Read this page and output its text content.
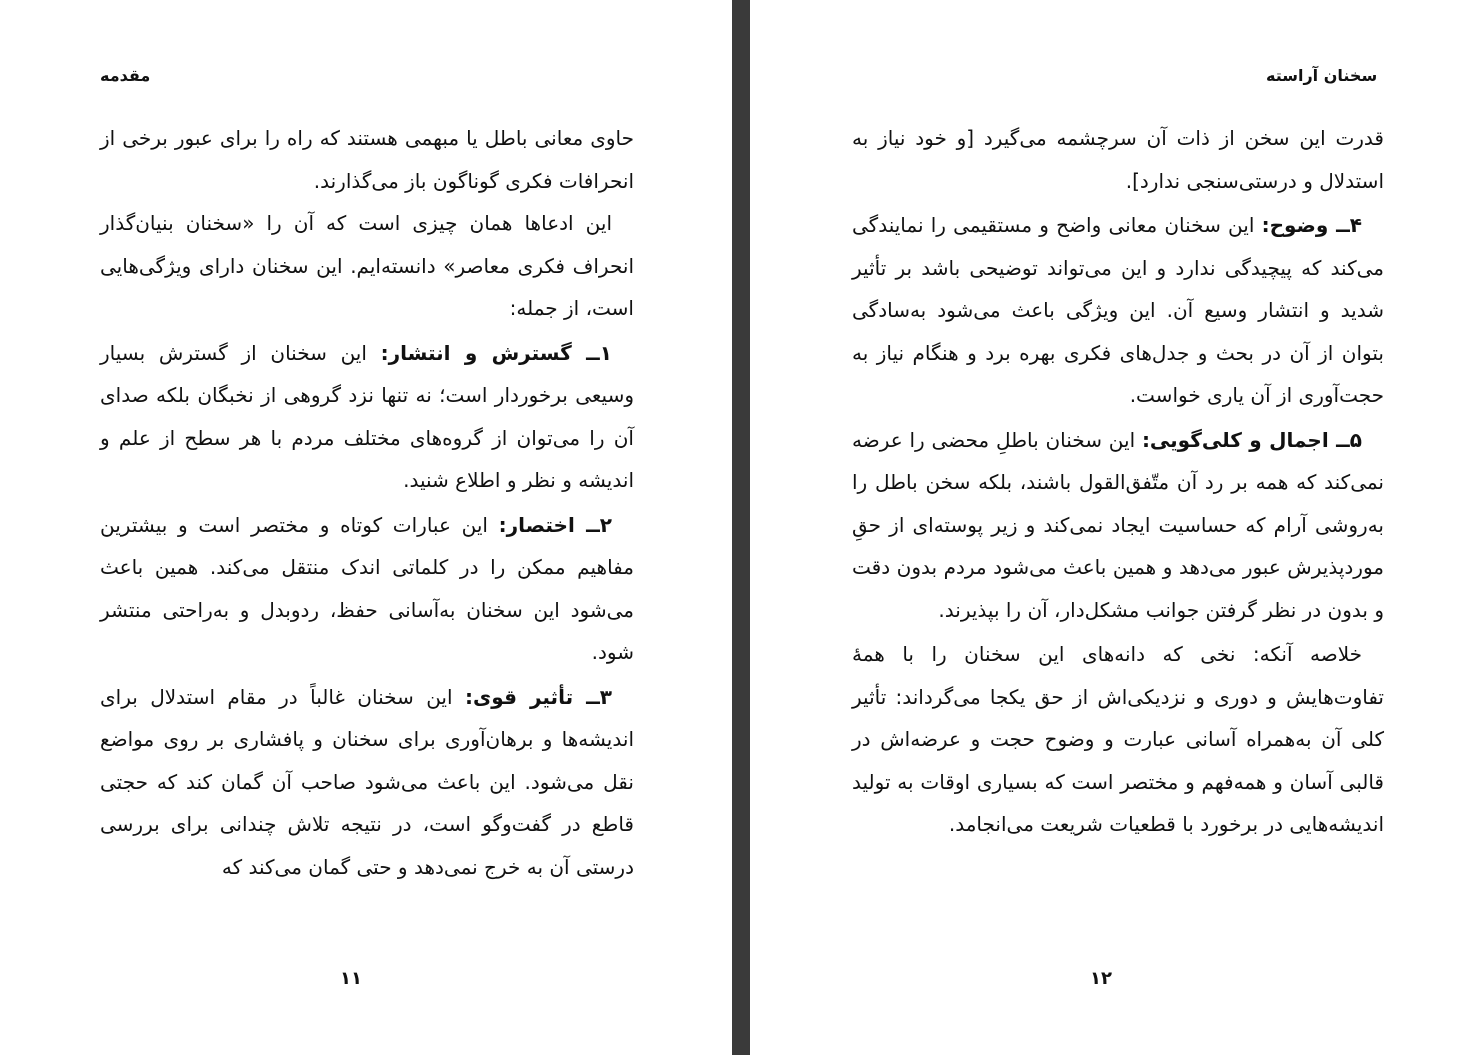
مقدمه

حاوی معانی باطل یا مبهمی هستند که راه را برای عبور برخی از انحرافات فکری گوناگون باز می‌گذارند.

این ادعاها همان چیزی است که آن را «سخنان بنیان‌گذار انحراف فکری معاصر» دانسته‌ایم. این سخنان دارای ویژگی‌هایی است، از جمله:

۱ــ گسترش و انتشار: این سخنان از گسترش بسیار وسیعی برخوردار است؛ نه تنها نزد گروهی از نخبگان بلکه صدای آن را می‌توان از گروه‌های مختلف مردم با هر سطح از علم و اندیشه و نظر و اطلاع شنید.

۲ــ اختصار: این عبارات کوتاه و مختصر است و بیشترین مفاهیم ممکن را در کلماتی اندک منتقل می‌کند. همین باعث می‌شود این سخنان به‌آسانی حفظ، ردوبدل و به‌راحتی منتشر شود.

۳ــ تأثیر قوی: این سخنان غالباً در مقام استدلال برای اندیشه‌ها و برهان‌آوری برای سخنان و پافشاری بر روی مواضع نقل می‌شود. این باعث می‌شود صاحب آن گمان کند که حجتی قاطع در گفت‌وگو است، در نتیجه تلاش چندانی برای بررسی درستی آن به خرج نمی‌دهد و حتی گمان می‌کند که

۱۱
سخنان آراسته

قدرت این سخن از ذات آن سرچشمه می‌گیرد [و خود نیاز به استدلال و درستی‌سنجی ندارد].

۴ــ وضوح: این سخنان معانی واضح و مستقیمی را نمایندگی می‌کند که پیچیدگی ندارد و این می‌تواند توضیحی باشد بر تأثیر شدید و انتشار وسیع آن. این ویژگی باعث می‌شود به‌سادگی بتوان از آن در بحث و جدل‌های فکری بهره برد و هنگام نیاز به حجت‌آوری از آن یاری خواست.

۵ــ اجمال و کلی‌گویی: این سخنان باطلِ محضی را عرضه نمی‌کند که همه بر رد آن متّفق‌القول باشند، بلکه سخن باطل را به‌روشی آرام که حساسیت ایجاد نمی‌کند و زیر پوسته‌ای از حقِ موردپذیرش عبور می‌دهد و همین باعث می‌شود مردم بدون دقت و بدون در نظر گرفتن جوانب مشکل‌دار، آن را بپذیرند.

خلاصه آنکه: نخی که دانه‌های این سخنان را با همهٔ تفاوت‌هایش و دوری و نزدیکی‌اش از حق یکجا می‌گرداند: تأثیر کلی آن به‌همراه آسانی عبارت و وضوح حجت و عرضه‌اش در قالبی آسان و همه‌فهم و مختصر است که بسیاری اوقات به تولید اندیشه‌هایی در برخورد با قطعیات شریعت می‌انجامد.

۱۲
